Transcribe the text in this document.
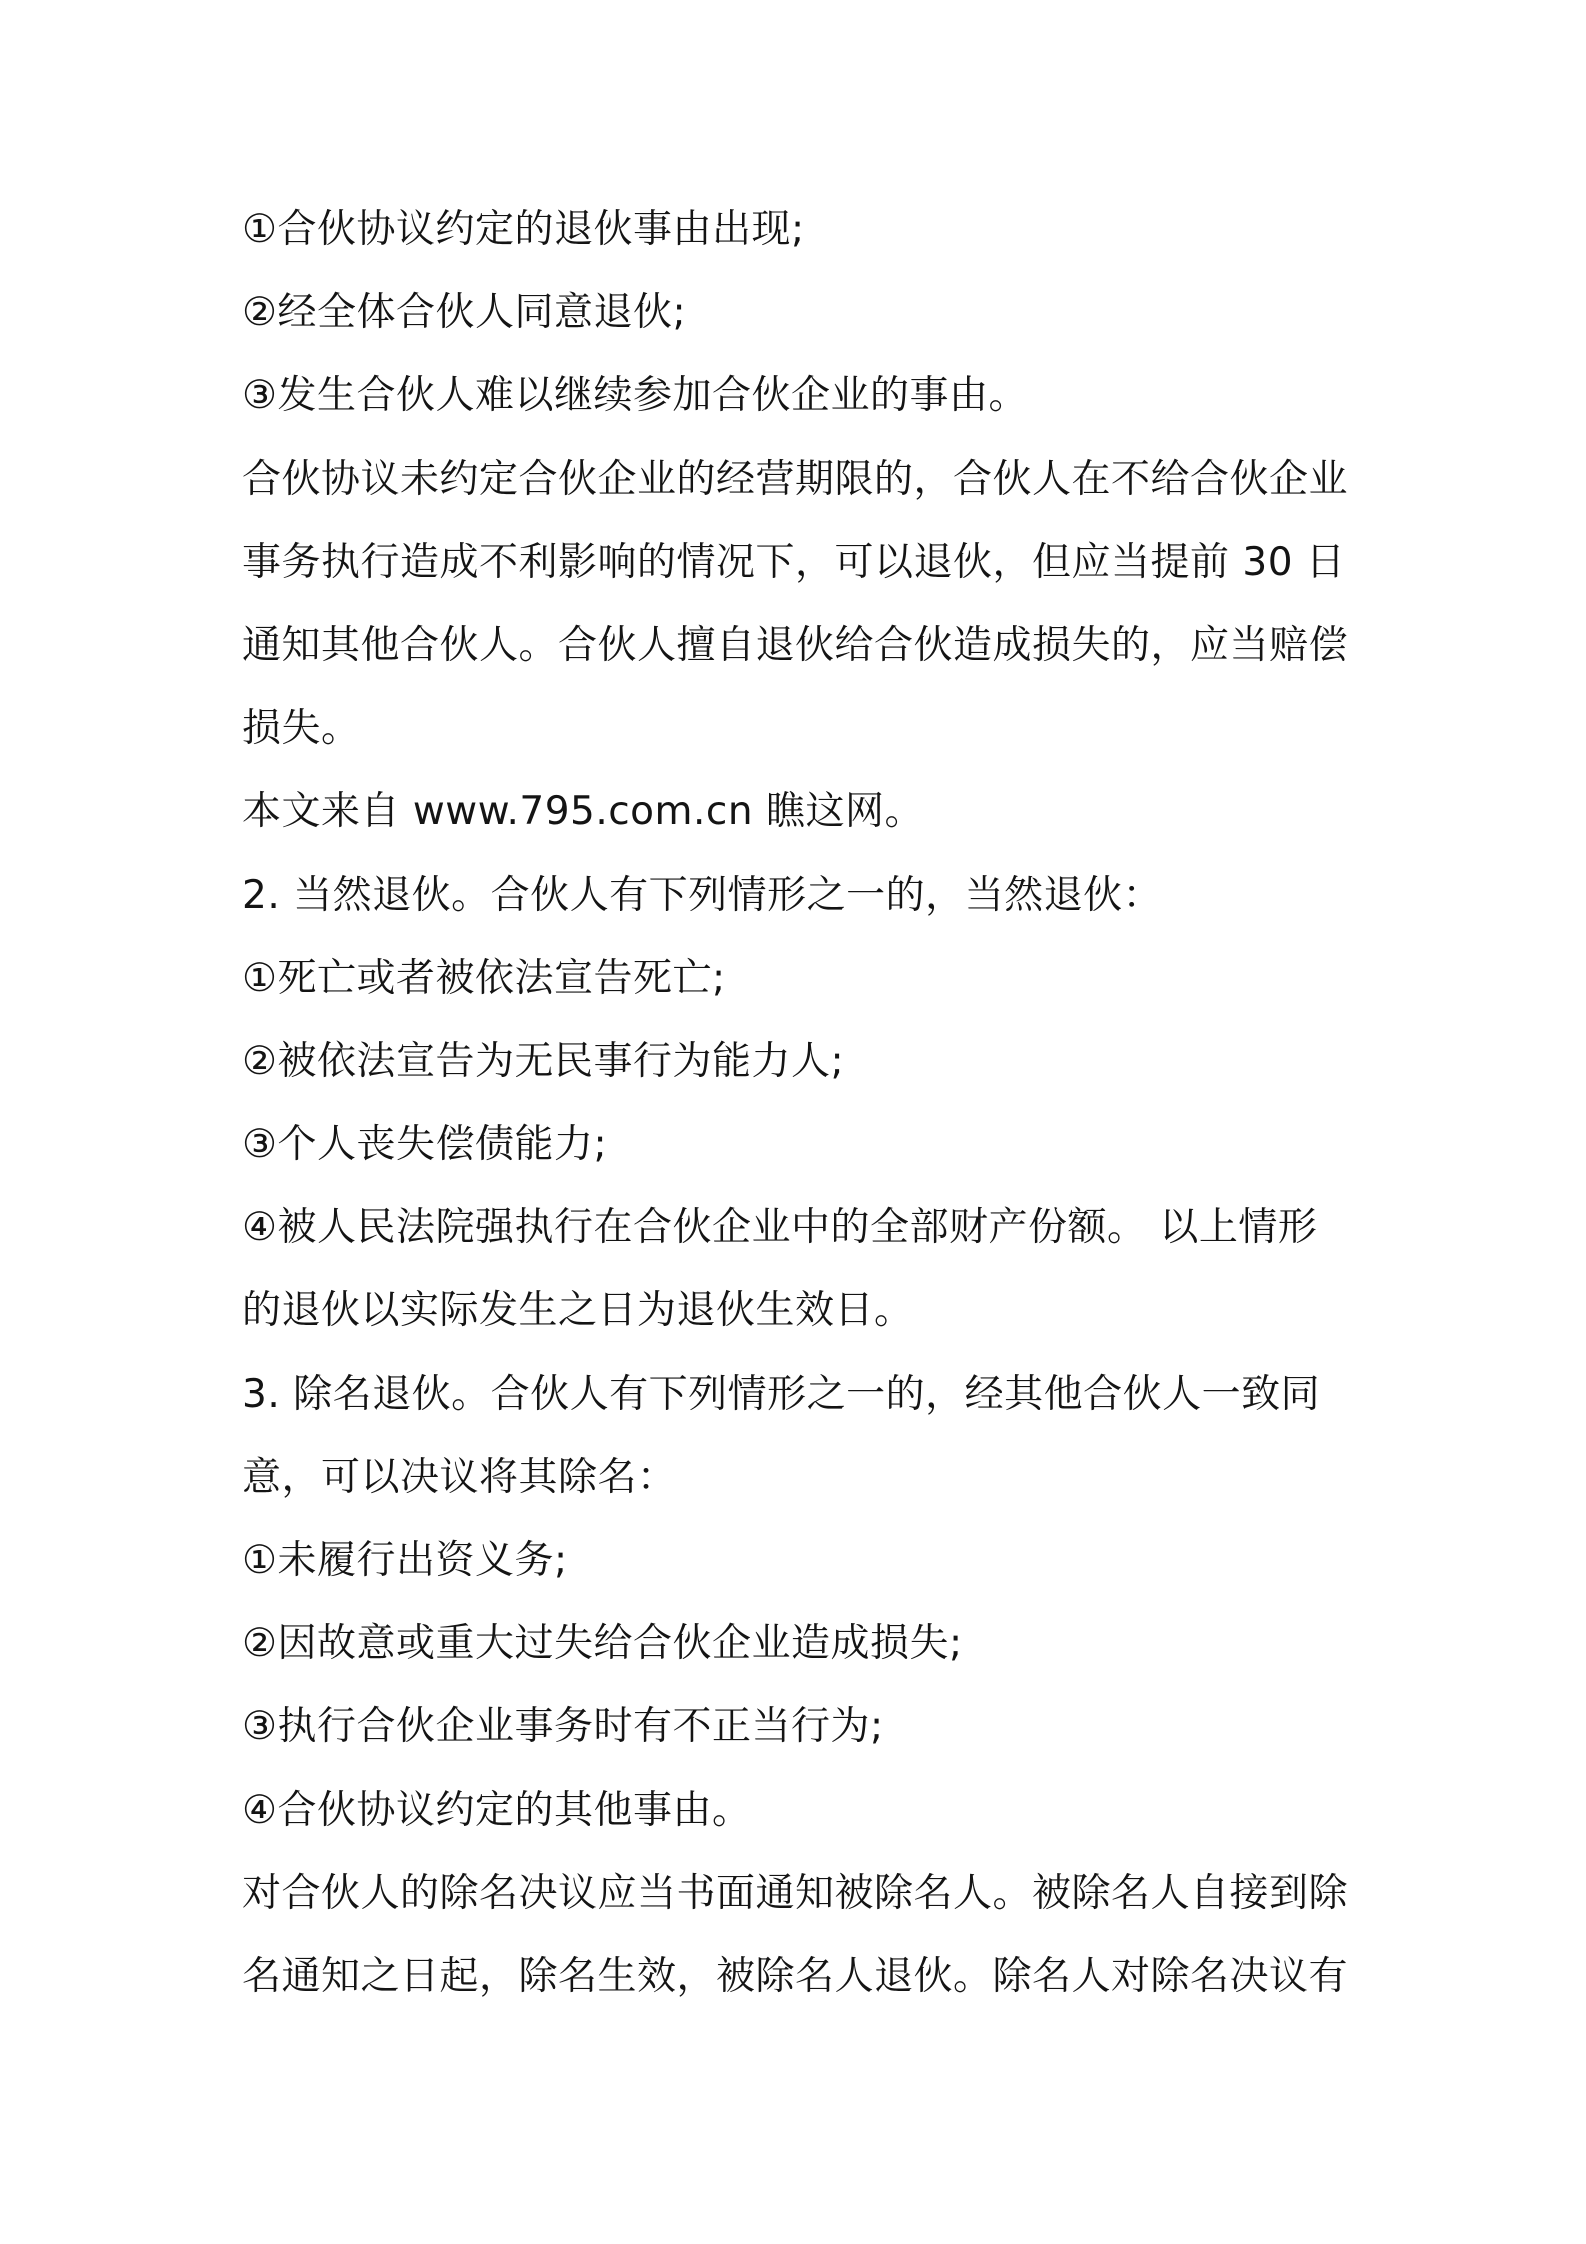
①合伙协议约定的退伙事由出现;
②经全体合伙人同意退伙;
③发生合伙人难以继续参加合伙企业的事由。
合伙协议未约定合伙企业的经营期限的，合伙人在不给合伙企业
事务执行造成不利影响的情况下，可以退伙，但应当提前 30 日
通知其他合伙人。合伙人擅自退伙给合伙造成损失的，应当赔偿
损失。
本文来自 www.795.com.cn 瞧这网。
2. 当然退伙。合伙人有下列情形之一的，当然退伙：
①死亡或者被依法宣告死亡;
②被依法宣告为无民事行为能力人;
③个人丧失偿债能力;
④被人民法院强执行在合伙企业中的全部财产份额。 以上情形
的退伙以实际发生之日为退伙生效日。
3. 除名退伙。合伙人有下列情形之一的，经其他合伙人一致同
意，可以决议将其除名：
①未履行出资义务;
②因故意或重大过失给合伙企业造成损失;
③执行合伙企业事务时有不正当行为;
④合伙协议约定的其他事由。
对合伙人的除名决议应当书面通知被除名人。被除名人自接到除
名通知之日起，除名生效，被除名人退伙。除名人对除名决议有
